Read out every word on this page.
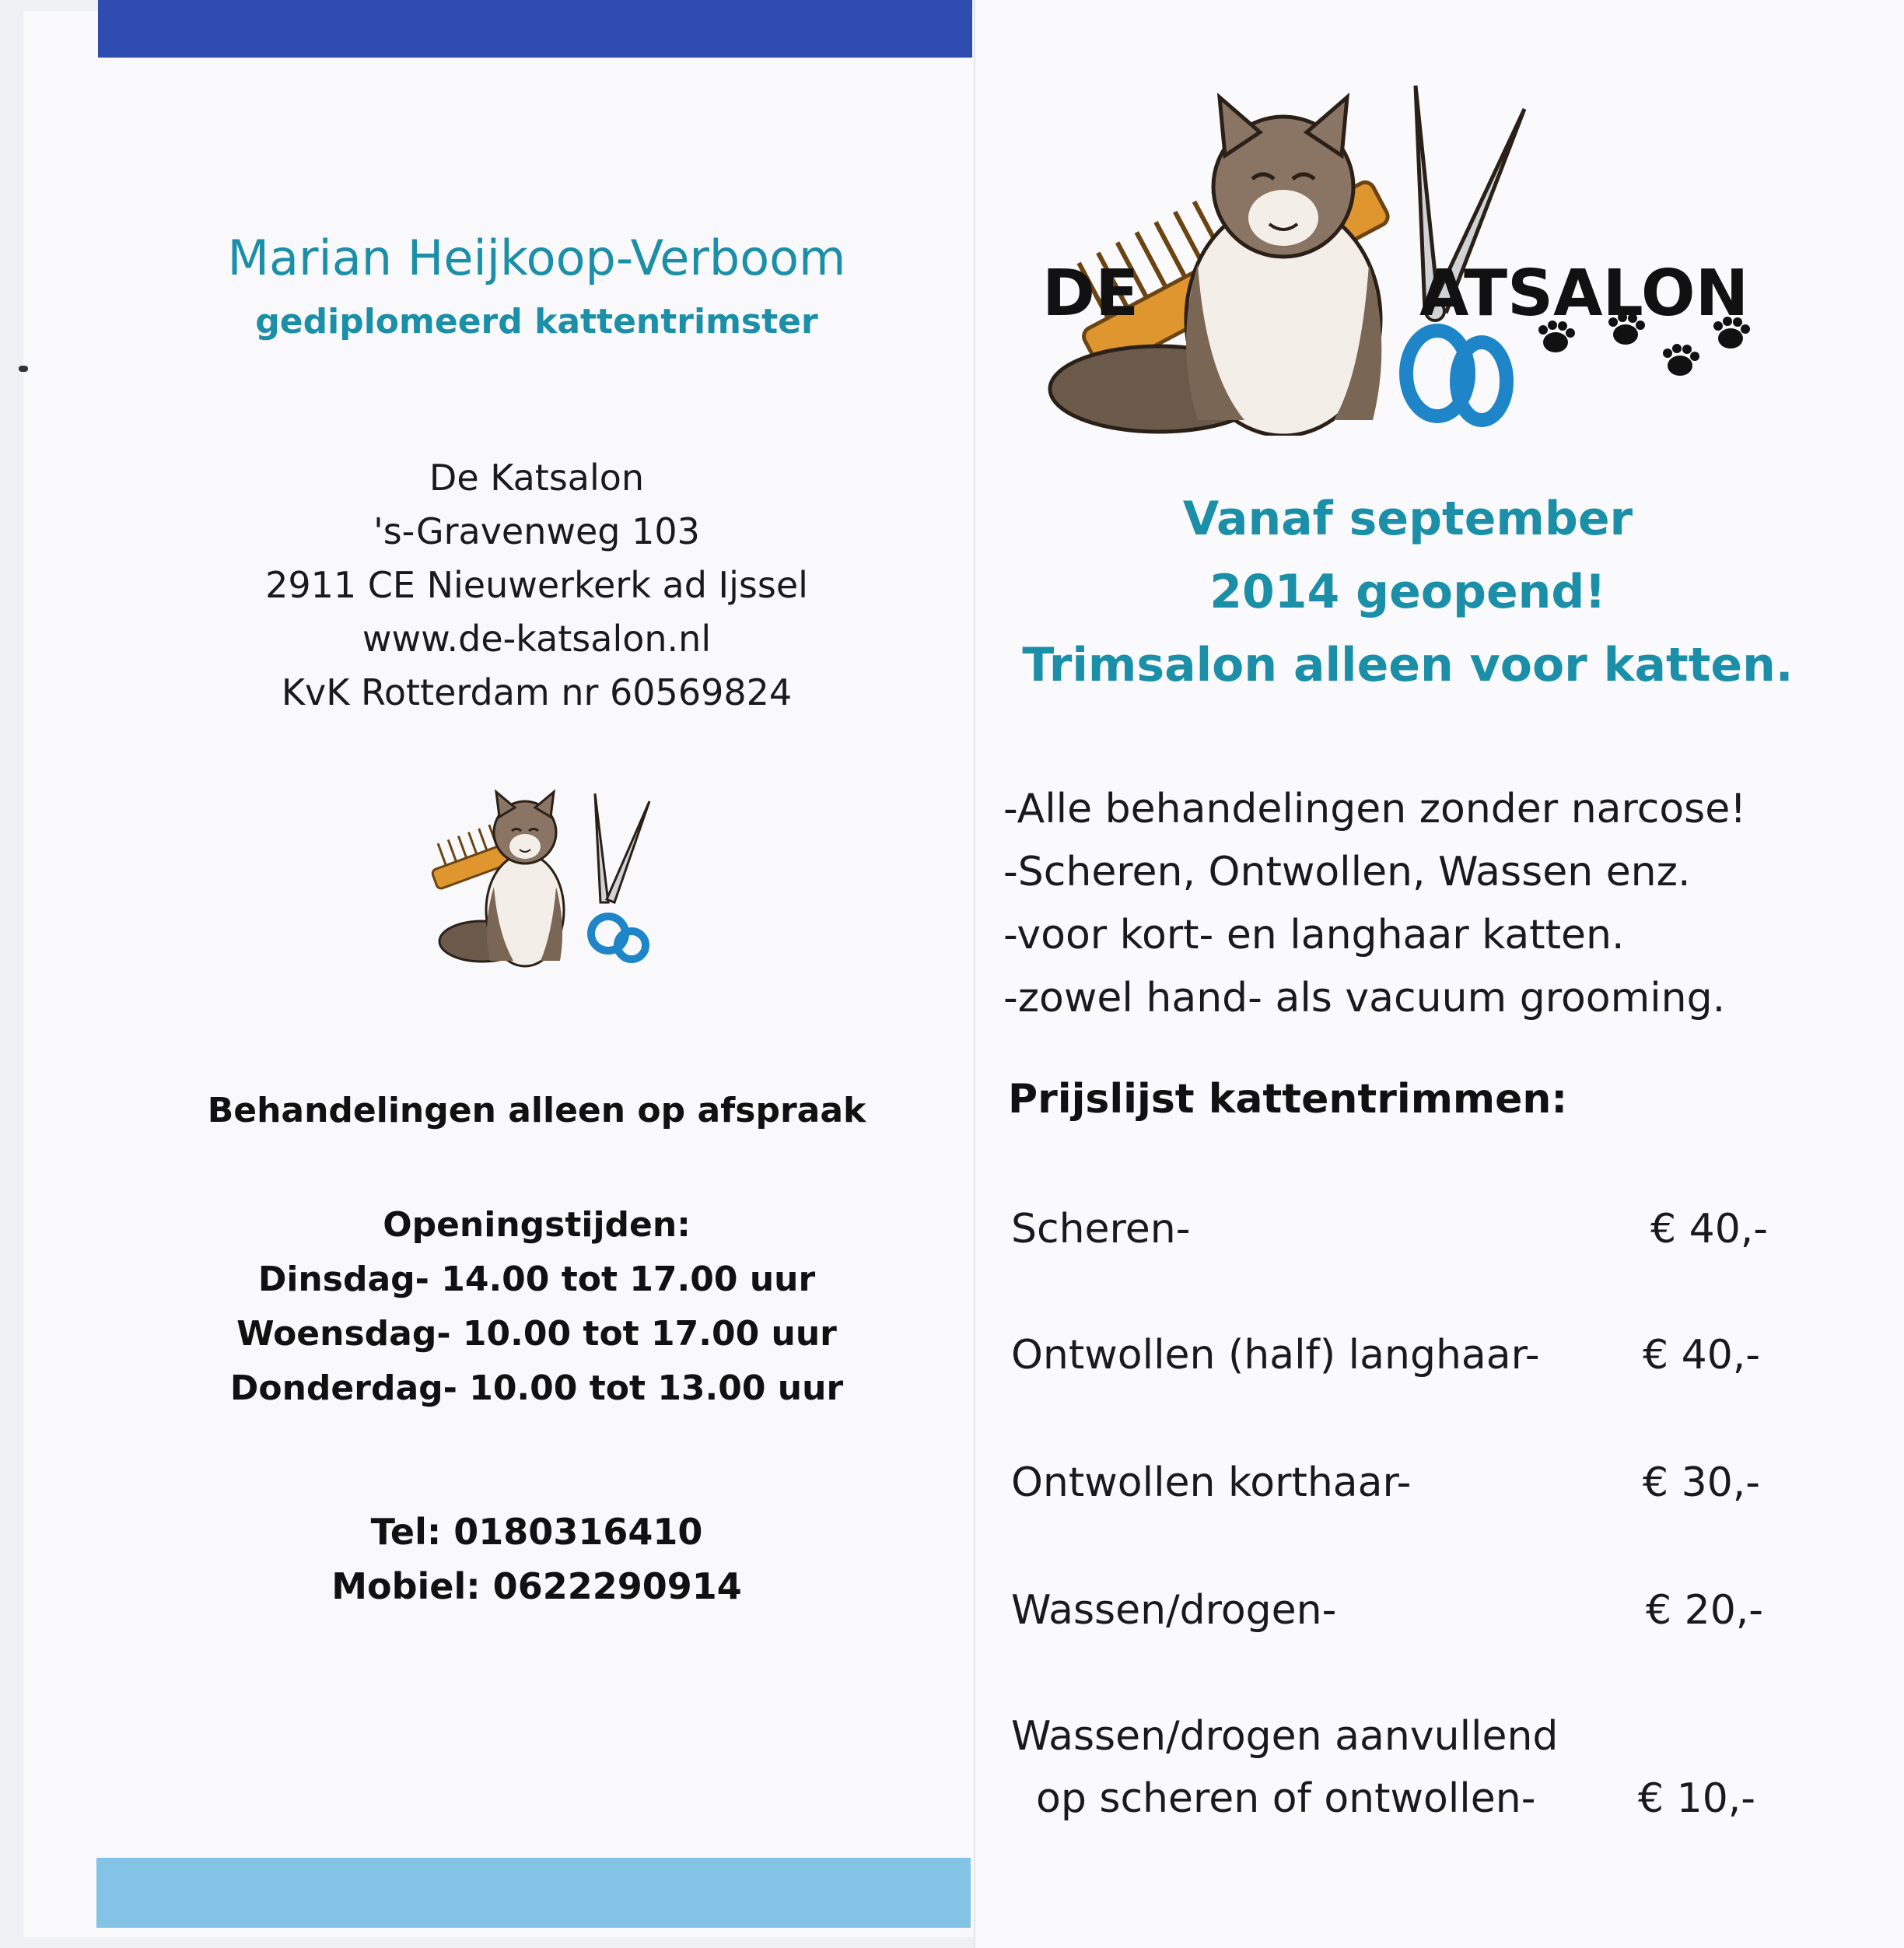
Marian Heijkoop-Verboom
gediplomeerd kattentrimster
De Katsalon
's-Gravenweg 103
2911 CE Nieuwerkerk ad Ijssel
www.de-katsalon.nl
KvK Rotterdam nr 60569824
Behandelingen alleen op afspraak
Openingstijden:
Dinsdag- 14.00 tot 17.00 uur
Woensdag- 10.00 tot 17.00 uur
Donderdag- 10.00 tot 13.00 uur
Tel: 0180316410
Mobiel: 0622290914
DE	ATSALON
Vanaf september
2014 geopend!
Trimsalon alleen voor katten.
-Alle behandelingen zonder narcose!
-Scheren, Ontwollen, Wassen enz.
-voor kort- en langhaar katten.
-zowel hand- als vacuum grooming.
Prijslijst kattentrimmen:
Scheren-	€ 40,-
Ontwollen (half) langhaar-	€ 40,-
Ontwollen korthaar-	€ 30,-
Wassen/drogen-	€ 20,-
Wassen/drogen aanvullend
op scheren of ontwollen-	€ 10,-
